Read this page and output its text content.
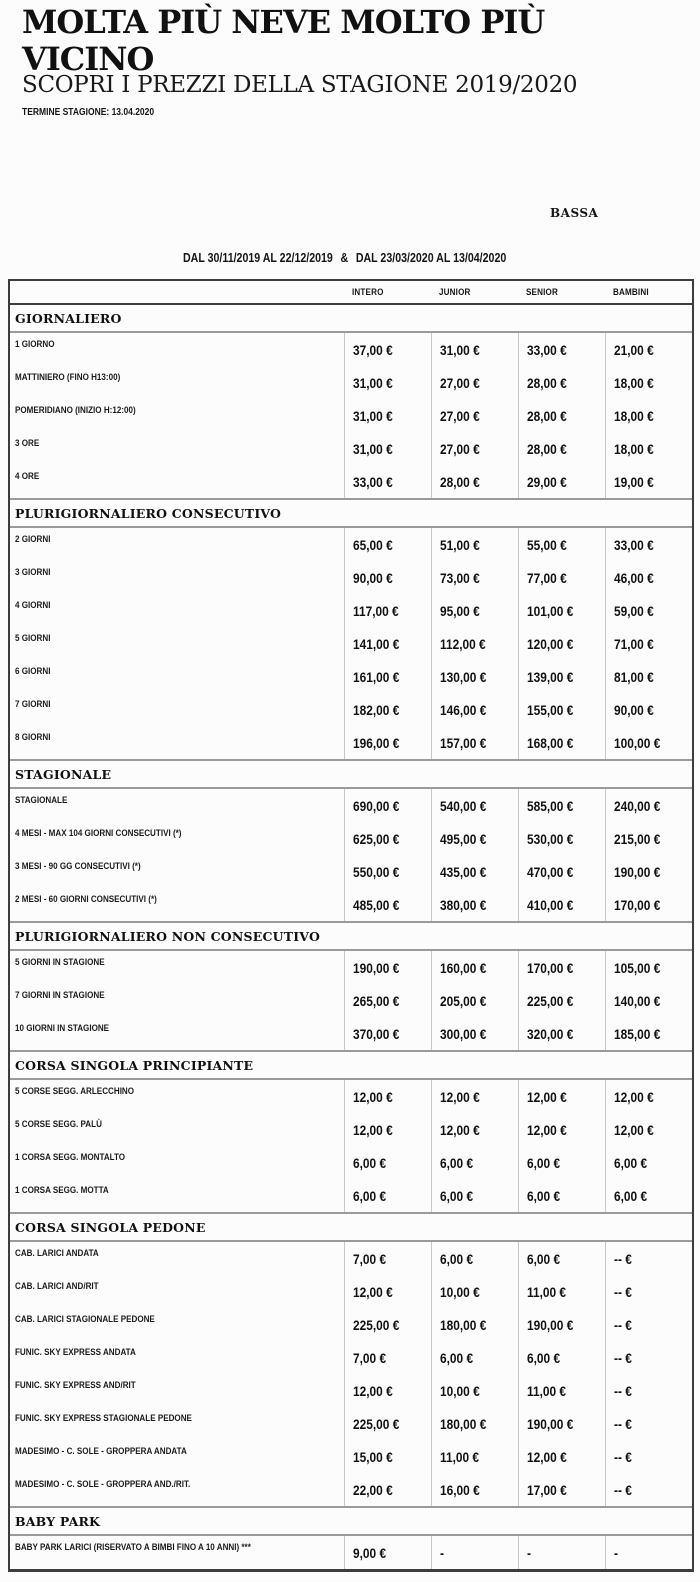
MOLTA PIÙ NEVE MOLTO PIÙ
VICINO
SCOPRI I PREZZI DELLA STAGIONE 2019/2020
TERMINE STAGIONE: 13.04.2020
BASSA
DAL 30/11/2019 AL 22/12/2019 & DAL 23/03/2020 AL 13/04/2020
INTERO	JUNIOR	SENIOR	BAMBINI
GIORNALIERO
1 GIORNO	37,00 €	31,00 €	33,00 €	21,00 €
MATTINIERO (FINO H13:00)	31,00 €	27,00 €	28,00 €	18,00 €
POMERIDIANO (INIZIO H:12:00)	31,00 €	27,00 €	28,00 €	18,00 €
3 ORE	31,00 €	27,00 €	28,00 €	18,00 €
4 ORE	33,00 €	28,00 €	29,00 €	19,00 €
PLURIGIORNALIERO CONSECUTIVO
2 GIORNI	65,00 €	51,00 €	55,00 €	33,00 €
3 GIORNI	90,00 €	73,00 €	77,00 €	46,00 €
4 GIORNI	117,00 €	95,00 €	101,00 €	59,00 €
5 GIORNI	141,00 €	112,00 €	120,00 €	71,00 €
6 GIORNI	161,00 €	130,00 €	139,00 €	81,00 €
7 GIORNI	182,00 €	146,00 €	155,00 €	90,00 €
8 GIORNI	196,00 €	157,00 €	168,00 €	100,00 €
STAGIONALE
STAGIONALE	690,00 €	540,00 €	585,00 €	240,00 €
4 MESI - MAX 104 GIORNI CONSECUTIVI (*)	625,00 €	495,00 €	530,00 €	215,00 €
3 MESI - 90 GG CONSECUTIVI (*)	550,00 €	435,00 €	470,00 €	190,00 €
2 MESI - 60 GIORNI CONSECUTIVI (*)	485,00 €	380,00 €	410,00 €	170,00 €
PLURIGIORNALIERO NON CONSECUTIVO
5 GIORNI IN STAGIONE	190,00 €	160,00 €	170,00 €	105,00 €
7 GIORNI IN STAGIONE	265,00 €	205,00 €	225,00 €	140,00 €
10 GIORNI IN STAGIONE	370,00 €	300,00 €	320,00 €	185,00 €
CORSA SINGOLA PRINCIPIANTE
5 CORSE SEGG. ARLECCHINO	12,00 €	12,00 €	12,00 €	12,00 €
5 CORSE SEGG. PALÙ	12,00 €	12,00 €	12,00 €	12,00 €
1 CORSA SEGG. MONTALTO	6,00 €	6,00 €	6,00 €	6,00 €
1 CORSA SEGG. MOTTA	6,00 €	6,00 €	6,00 €	6,00 €
CORSA SINGOLA PEDONE
CAB. LARICI ANDATA	7,00 €	6,00 €	6,00 €	-- €
CAB. LARICI AND/RIT	12,00 €	10,00 €	11,00 €	-- €
CAB. LARICI STAGIONALE PEDONE	225,00 €	180,00 €	190,00 €	-- €
FUNIC. SKY EXPRESS ANDATA	7,00 €	6,00 €	6,00 €	-- €
FUNIC. SKY EXPRESS AND/RIT	12,00 €	10,00 €	11,00 €	-- €
FUNIC. SKY EXPRESS STAGIONALE PEDONE	225,00 €	180,00 €	190,00 €	-- €
MADESIMO - C. SOLE - GROPPERA ANDATA	15,00 €	11,00 €	12,00 €	-- €
MADESIMO - C. SOLE - GROPPERA AND./RIT.	22,00 €	16,00 €	17,00 €	-- €
BABY PARK
BABY PARK LARICI (RISERVATO A BIMBI FINO A 10 ANNI) ***	9,00 €	-	-	-
